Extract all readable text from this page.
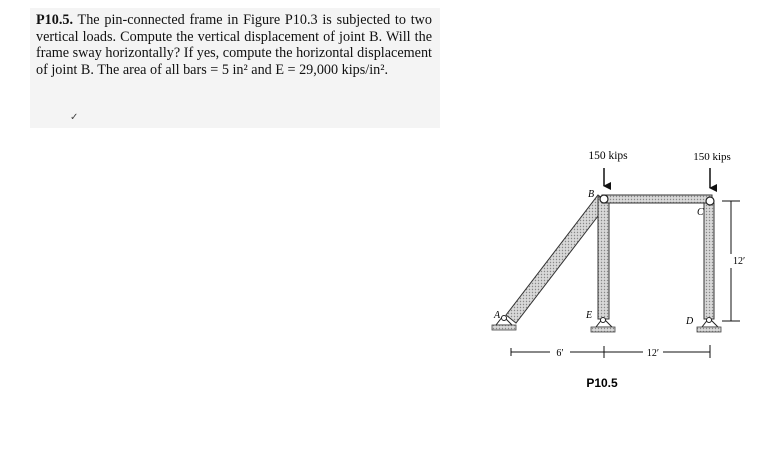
P10.5. The pin-connected frame in Figure P10.3 is subjected to two vertical loads. Compute the vertical displacement of joint B. Will the frame sway horizontally? If yes, compute the horizontal displacement of joint B. The area of all bars = 5 in² and E = 29,000 kips/in².
✓
150 kips	150 kips
A
B
C
D
E
6′	12′
12′
P10.5
